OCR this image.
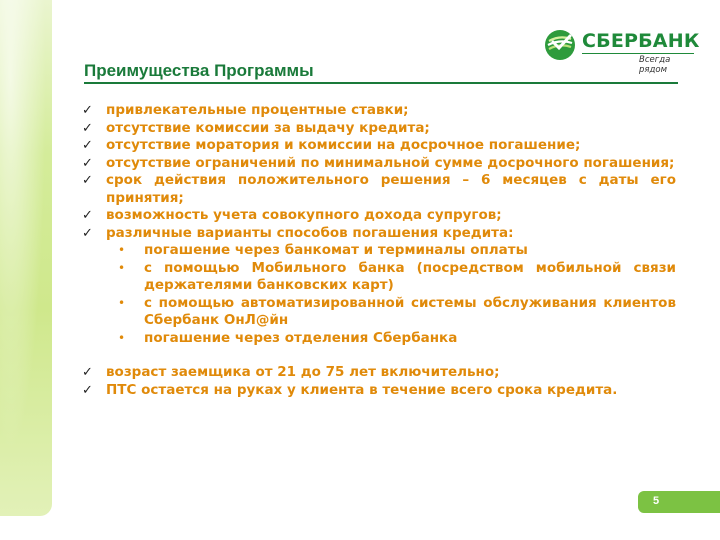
СБЕРБАНК
Всегда рядом
Преимущества Программы
✓ привлекательные процентные ставки;
✓ отсутствие комиссии за выдачу кредита;
✓ отсутствие моратория и комиссии на досрочное погашение;
✓ отсутствие ограничений по минимальной сумме досрочного погашения;
✓ срок действия положительного решения – 6 месяцев с даты его принятия;
✓ возможность учета совокупного дохода супругов;
✓ различные варианты способов погашения кредита:
• погашение через банкомат и терминалы оплаты
• с помощью Мобильного банка (посредством мобильной связи держателями банковских карт)
• с помощью автоматизированной системы обслуживания клиентов Сбербанк ОнЛ@йн
• погашение через отделения Сбербанка
✓ возраст заемщика от 21 до 75 лет включительно;
✓ ПТС остается на руках у клиента в течение всего срока кредита.
5
